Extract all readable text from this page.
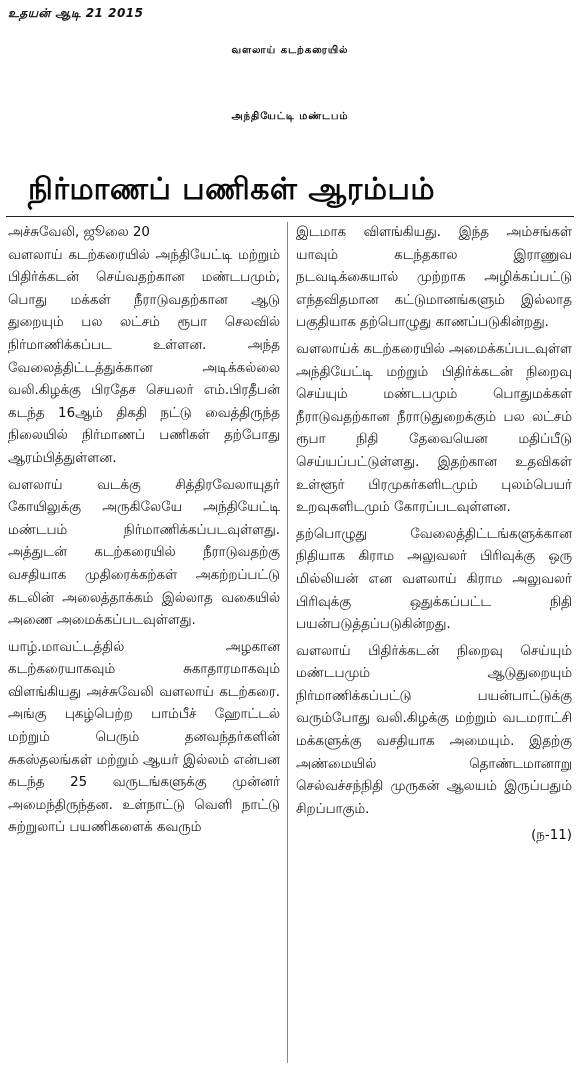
உதயன் ஆடி 21 2015
வளலாய் கடற்கரையில்
அந்தியேட்டி மண்டபம்
நிர்மாணப் பணிகள் ஆரம்பம்
அச்சுவேலி, ஜூலை 20

வளலாய் கடற்கரையில் அந்தியேட்டி மற்றும் பிதிர்க்கடன் செய்வதற்கான மண்டபமும், பொது மக்கள் நீராடுவதற்கான ஆடு துறையும் பல லட்சம் ரூபா செலவில் நிர்மாணிக்கப்பட உள்ளன. அந்த வேலைத்திட்டத்துக்கான அடிக்கல்லை வலி.கிழக்கு பிரதேச செயலர் எம்.பிரதீபன் கடந்த 16ஆம் திகதி நட்டு வைத்திருந்த நிலையில் நிர்மாணப் பணிகள் தற்போது ஆரம்பித்துள்ளன.

வளலாய் வடக்கு சித்திரவேலாயுதர் கோயிலுக்கு அருகிலேயே அந்தியேட்டி மண்டபம் நிர்மாணிக்கப்படவுள்ளது. அத்துடன் கடற்கரையில் நீராடுவதற்கு வசதியாக முதிரைக்கற்கள் அகற்றப்பட்டு கடலின் அலைத்தாக்கம் இல்லாத வகையில் அணை அமைக்கப்படவுள்ளது.

யாழ்.மாவட்டத்தில் அழகான கடற்கரையாகவும் சுகாதாரமாகவும் விளங்கியது அச்சுவேலி வளலாய் கடற்கரை. அங்கு புகழ்பெற்ற பாம்பீச் ஹோட்டல் மற்றும் பெரும் தனவந்தர்களின் சுகஸ்தலங்கள் மற்றும் ஆயர் இல்லம் என்பன கடந்த 25 வருடங்களுக்கு முன்னர் அமைந்திருந்தன. உள்நாட்டு வெளி நாட்டு சுற்றுலாப் பயணிகளைக் கவரும்

இடமாக விளங்கியது. இந்த அம்சங்கள் யாவும் கடந்தகால இராணுவ நடவடிக்கையால் முற்றாக அழிக்கப்பட்டு எந்தவிதமான கட்டுமானங்களும் இல்லாத பகுதியாக தற்பொழுது காணப்படுகின்றது.

வளலாய்க் கடற்கரையில் அமைக்கப்படவுள்ள அந்தியேட்டி மற்றும் பிதிர்க்கடன் நிறைவு செய்யும் மண்டபமும் பொதுமக்கள் நீராடுவதற்கான நீராடுதுறைக்கும் பல லட்சம் ரூபா நிதி தேவையென மதிப்பீடு செய்யப்பட்டுள்ளது. இதற்கான உதவிகள் உள்ளூர் பிரமுகர்களிடமும் புலம்பெயர் உறவுகளிடமும் கோரப்படவுள்ளன.

தற்பொழுது வேலைத்திட்டங்களுக்கான நிதியாக கிராம அலுவலர் பிரிவுக்கு ஒரு மில்லியன் என வளலாய் கிராம அலுவலர் பிரிவுக்கு ஒதுக்கப்பட்ட நிதி பயன்படுத்தப்படுகின்றது.

வளலாய் பிதிர்க்கடன் நிறைவு செய்யும் மண்டபமும் ஆடுதுறையும் நிர்மாணிக்கப்பட்டு பயன்பாட்டுக்கு வரும்போது வலி.கிழக்கு மற்றும் வடமராட்சி மக்களுக்கு வசதியாக அமையும். இதற்கு அண்மையில் தொண்டமானாறு செல்வச்சந்நிதி முருகன் ஆலயம் இருப்பதும் சிறப்பாகும்.

(ந-11)
